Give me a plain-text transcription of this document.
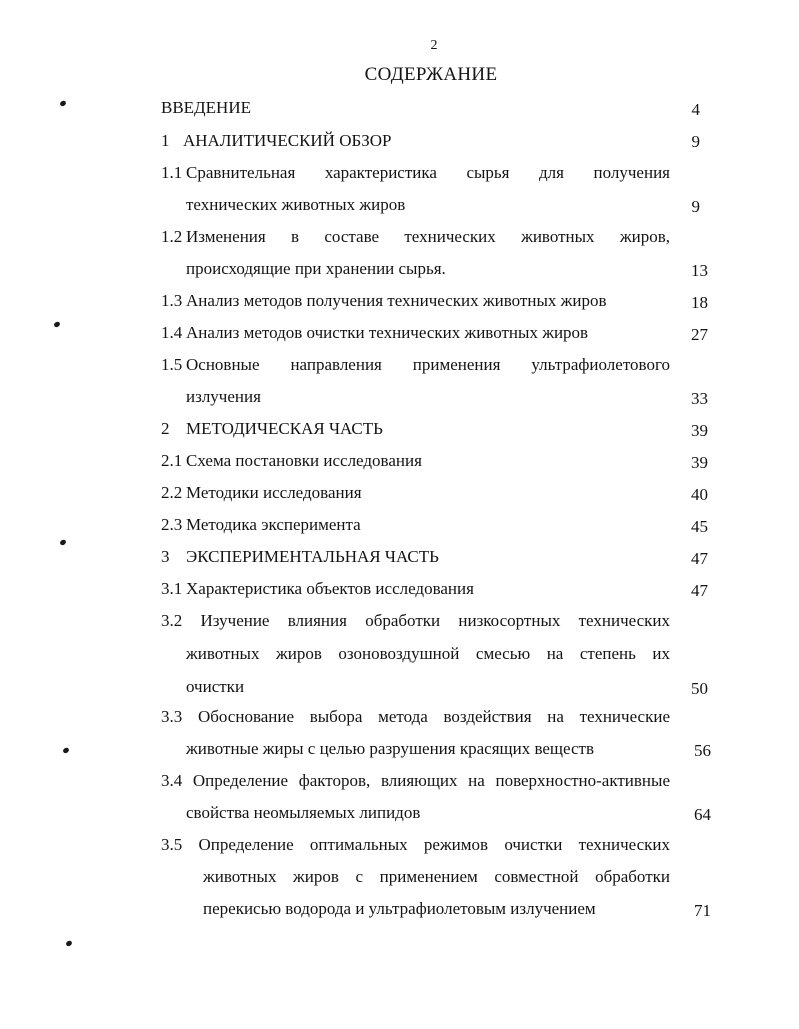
2
СОДЕРЖАНИЕ
ВВЕДЕНИЕ	4
1 АНАЛИТИЧЕСКИЙ ОБЗОР	9
1.1 Сравнительная характеристика сырья для получения
технических животных жиров	9
1.2 Изменения в составе технических животных жиров,
происходящие при хранении сырья.	13
1.3 Анализ методов получения технических животных жиров	18
1.4 Анализ методов очистки технических животных жиров	27
1.5 Основные направления применения ультрафиолетового
излучения	33
2 МЕТОДИЧЕСКАЯ ЧАСТЬ	39
2.1 Схема постановки исследования	39
2.2 Методики исследования	40
2.3 Методика эксперимента	45
3 ЭКСПЕРИМЕНТАЛЬНАЯ ЧАСТЬ	47
3.1 Характеристика объектов исследования	47
3.2 Изучение влияния обработки низкосортных технических
животных жиров озоновоздушной смесью на степень их
очистки	50
3.3 Обоснование выбора метода воздействия на технические
животные жиры с целью разрушения красящих веществ	56
3.4 Определение факторов, влияющих на поверхностно-активные
свойства неомыляемых липидов	64
3.5 Определение оптимальных режимов очистки технических
животных жиров с применением совместной обработки
перекисью водорода и ультрафиолетовым излучением	71
